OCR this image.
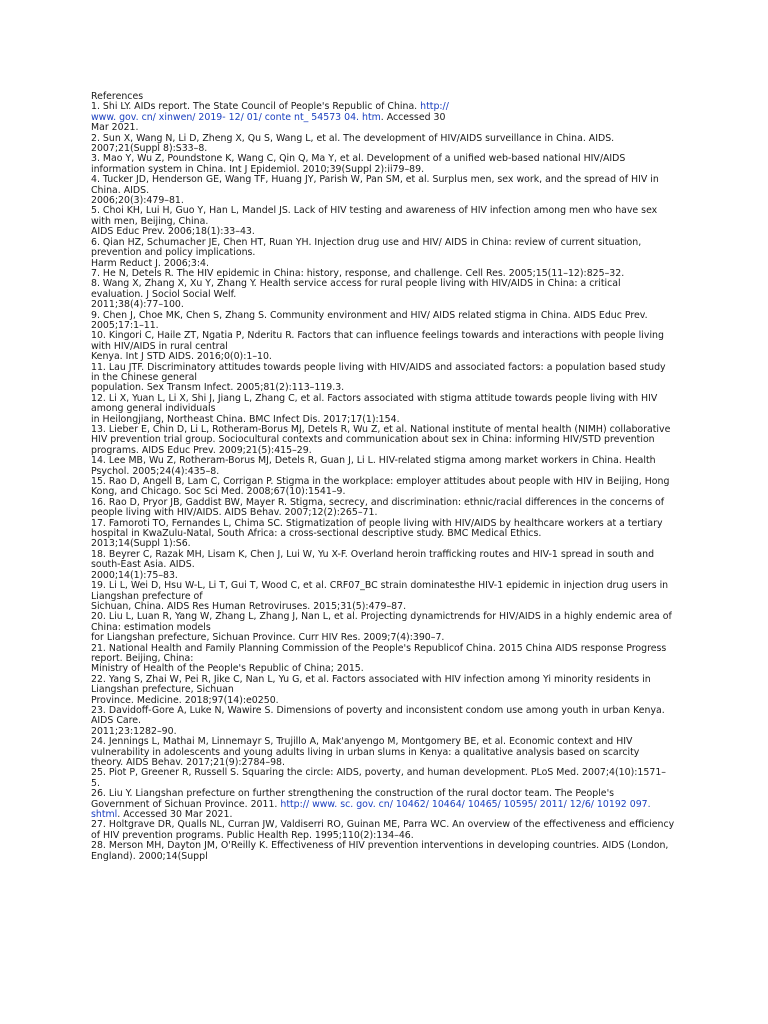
References
1. Shi LY. AIDs report. The State Council of People's Republic of China. http://
www. gov. cn/ xinwen/ 2019- 12/ 01/ conte nt_ 54573 04. htm. Accessed 30
Mar 2021.
2. Sun X, Wang N, Li D, Zheng X, Qu S, Wang L, et al. The development of HIV/AIDS surveillance in China. AIDS.
2007;21(Suppl 8):S33–8.
3. Mao Y, Wu Z, Poundstone K, Wang C, Qin Q, Ma Y, et al. Development of a unified web-based national HIV/AIDS
information system in China. Int J Epidemiol. 2010;39(Suppl 2):ii79–89.
4. Tucker JD, Henderson GE, Wang TF, Huang JY, Parish W, Pan SM, et al. Surplus men, sex work, and the spread of HIV in
China. AIDS.
2006;20(3):479–81.
5. Choi KH, Lui H, Guo Y, Han L, Mandel JS. Lack of HIV testing and awareness of HIV infection among men who have sex
with men, Beijing, China.
AIDS Educ Prev. 2006;18(1):33–43.
6. Qian HZ, Schumacher JE, Chen HT, Ruan YH. Injection drug use and HIV/ AIDS in China: review of current situation,
prevention and policy implications.
Harm Reduct J. 2006;3:4.
7. He N, Detels R. The HIV epidemic in China: history, response, and challenge. Cell Res. 2005;15(11–12):825–32.
8. Wang X, Zhang X, Xu Y, Zhang Y. Health service access for rural people living with HIV/AIDS in China: a critical
evaluation. J Sociol Social Welf.
2011;38(4):77–100.
9. Chen J, Choe MK, Chen S, Zhang S. Community environment and HIV/ AIDS related stigma in China. AIDS Educ Prev.
2005;17:1–11.
10. Kingori C, Haile ZT, Ngatia P, Nderitu R. Factors that can influence feelings towards and interactions with people living
with HIV/AIDS in rural central
Kenya. Int J STD AIDS. 2016;0(0):1–10.
11. Lau JTF. Discriminatory attitudes towards people living with HIV/AIDS and associated factors: a population based study
in the Chinese general
population. Sex Transm Infect. 2005;81(2):113–119.3.
12. Li X, Yuan L, Li X, Shi J, Jiang L, Zhang C, et al. Factors associated with stigma attitude towards people living with HIV
among general individuals
in Heilongjiang, Northeast China. BMC Infect Dis. 2017;17(1):154.
13. Lieber E, Chin D, Li L, Rotheram-Borus MJ, Detels R, Wu Z, et al. National institute of mental health (NIMH) collaborative
HIV prevention trial group. Sociocultural contexts and communication about sex in China: informing HIV/STD prevention
programs. AIDS Educ Prev. 2009;21(5):415–29.
14. Lee MB, Wu Z, Rotheram-Borus MJ, Detels R, Guan J, Li L. HIV-related stigma among market workers in China. Health
Psychol. 2005;24(4):435–8.
15. Rao D, Angell B, Lam C, Corrigan P. Stigma in the workplace: employer attitudes about people with HIV in Beijing, Hong
Kong, and Chicago. Soc Sci Med. 2008;67(10):1541–9.
16. Rao D, Pryor JB, Gaddist BW, Mayer R. Stigma, secrecy, and discrimination: ethnic/racial differences in the concerns of
people living with HIV/AIDS. AIDS Behav. 2007;12(2):265–71.
17. Famoroti TO, Fernandes L, Chima SC. Stigmatization of people living with HIV/AIDS by healthcare workers at a tertiary
hospital in KwaZulu-Natal, South Africa: a cross-sectional descriptive study. BMC Medical Ethics.
2013;14(Suppl 1):S6.
18. Beyrer C, Razak MH, Lisam K, Chen J, Lui W, Yu X-F. Overland heroin trafficking routes and HIV-1 spread in south and
south-East Asia. AIDS.
2000;14(1):75–83.
19. Li L, Wei D, Hsu W-L, Li T, Gui T, Wood C, et al. CRF07_BC strain dominatesthe HIV-1 epidemic in injection drug users in
Liangshan prefecture of
Sichuan, China. AIDS Res Human Retroviruses. 2015;31(5):479–87.
20. Liu L, Luan R, Yang W, Zhang L, Zhang J, Nan L, et al. Projecting dynamictrends for HIV/AIDS in a highly endemic area of
China: estimation models
for Liangshan prefecture, Sichuan Province. Curr HIV Res. 2009;7(4):390–7.
21. National Health and Family Planning Commission of the People's Republicof China. 2015 China AIDS response Progress
report. Beijing, China:
Ministry of Health of the People's Republic of China; 2015.
22. Yang S, Zhai W, Pei R, Jike C, Nan L, Yu G, et al. Factors associated with HIV infection among Yi minority residents in
Liangshan prefecture, Sichuan
Province. Medicine. 2018;97(14):e0250.
23. Davidoff-Gore A, Luke N, Wawire S. Dimensions of poverty and inconsistent condom use among youth in urban Kenya.
AIDS Care.
2011;23:1282–90.
24. Jennings L, Mathai M, Linnemayr S, Trujillo A, Mak'anyengo M, Montgomery BE, et al. Economic context and HIV
vulnerability in adolescents and young adults living in urban slums in Kenya: a qualitative analysis based on scarcity
theory. AIDS Behav. 2017;21(9):2784–98.
25. Piot P, Greener R, Russell S. Squaring the circle: AIDS, poverty, and human development. PLoS Med. 2007;4(10):1571–
5.
26. Liu Y. Liangshan prefecture on further strengthening the construction of the rural doctor team. The People's
Government of Sichuan Province. 2011. http:// www. sc. gov. cn/ 10462/ 10464/ 10465/ 10595/ 2011/ 12/6/ 10192 097.
shtml. Accessed 30 Mar 2021.
27. Holtgrave DR, Qualls NL, Curran JW, Valdiserri RO, Guinan ME, Parra WC. An overview of the effectiveness and efficiency
of HIV prevention programs. Public Health Rep. 1995;110(2):134–46.
28. Merson MH, Dayton JM, O'Reilly K. Effectiveness of HIV prevention interventions in developing countries. AIDS (London,
England). 2000;14(Suppl
